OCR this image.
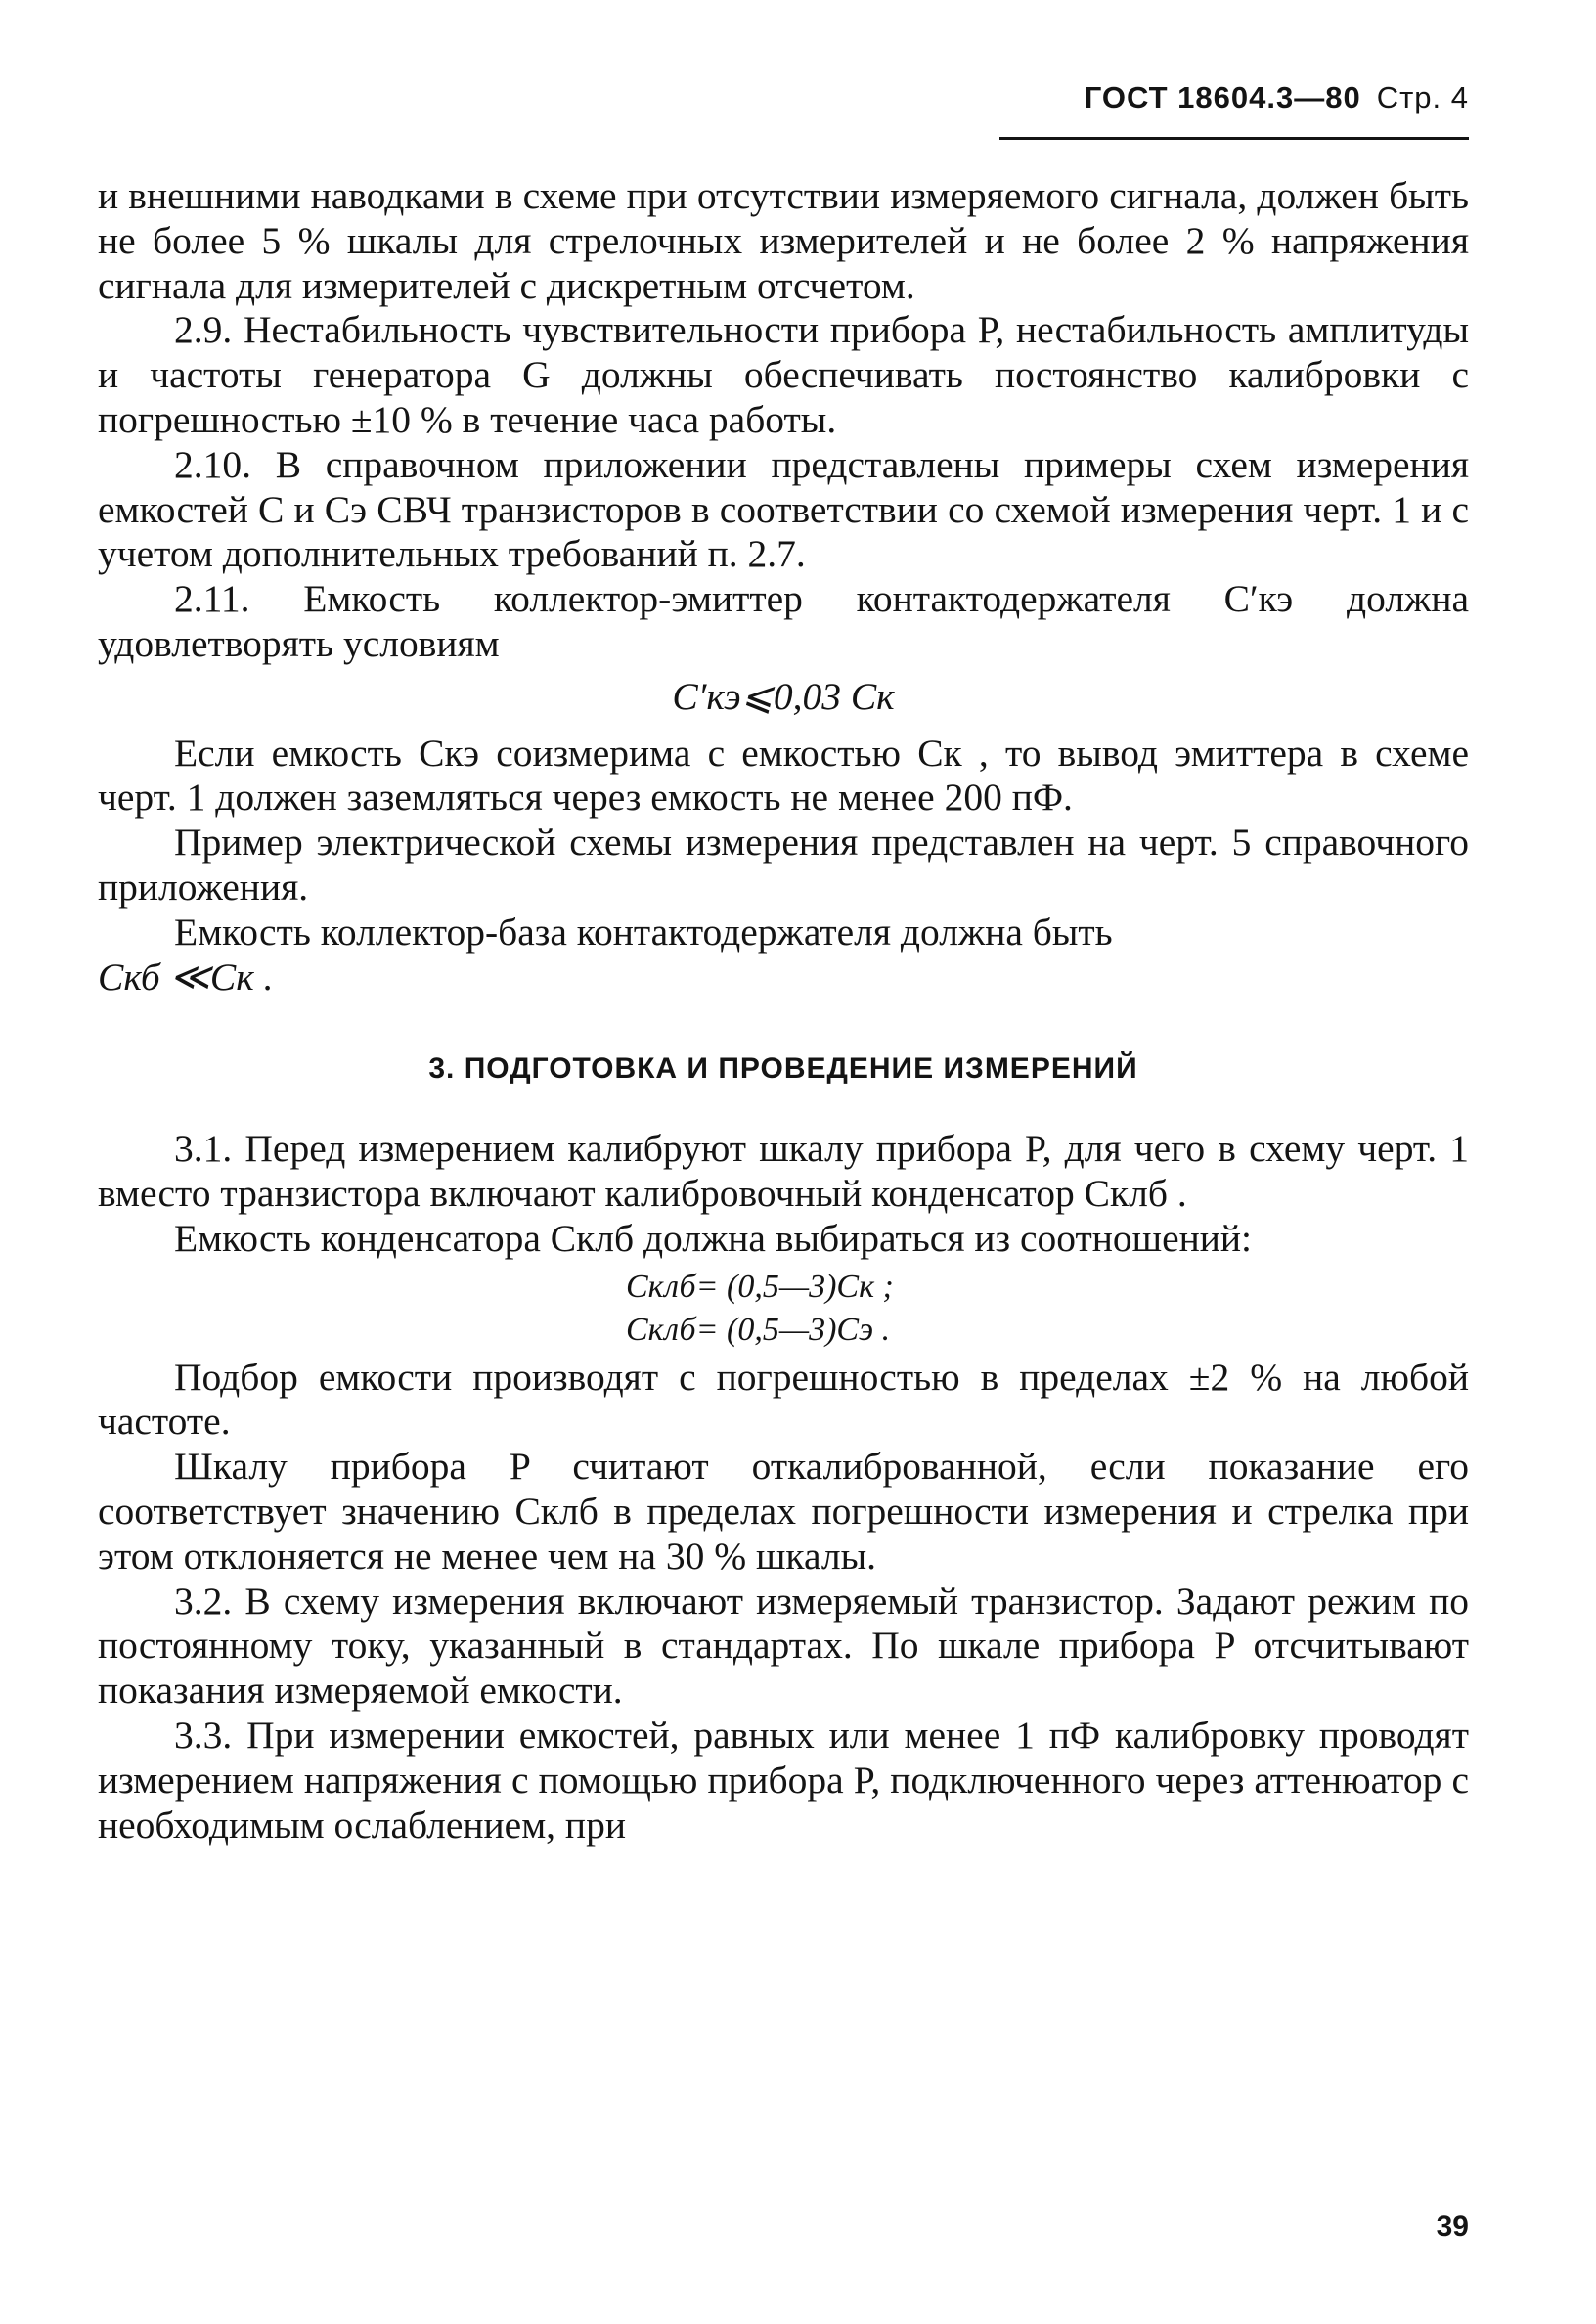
ГОСТ 18604.3—80 Стр. 4

и внешними наводками в схеме при отсутствии измеряемого сигнала, должен быть не более 5 % шкалы для стрелочных измерителей и не более 2 % напряжения сигнала для измерителей с дискретным отсчетом.

2.9. Нестабильность чувствительности прибора P, нестабильность амплитуды и частоты генератора G должны обеспечивать постоянство калибровки с погрешностью ±10 % в течение часа работы.

2.10. В справочном приложении представлены примеры схем измерения емкостей C и Cэ СВЧ транзисторов в соответствии со схемой измерения черт. 1 и с учетом дополнительных требований п. 2.7.

2.11. Емкость коллектор-эмиттер контактодержателя C′кэ должна удовлетворять условиям

C′кэ⩽0,03 Cк

Если емкость Cкэ соизмерима с емкостью Cк , то вывод эмиттера в схеме черт. 1 должен заземляться через емкость не менее 200 пФ.

Пример электрической схемы измерения представлен на черт. 5 справочного приложения.

Емкость коллектор-база контактодержателя должна быть

Cкб ≪Cк .

3. ПОДГОТОВКА И ПРОВЕДЕНИЕ ИЗМЕРЕНИЙ

3.1. Перед измерением калибруют шкалу прибора P, для чего в схему черт. 1 вместо транзистора включают калибровочный конденсатор Cклб .

Емкость конденсатора Cклб должна выбираться из соотношений:

Cклб= (0,5—3)Cк ;

Cклб= (0,5—3)Cэ .

Подбор емкости производят с погрешностью в пределах ±2 % на любой частоте.

Шкалу прибора P считают откалиброванной, если показание его соответствует значению Cклб в пределах погрешности измерения и стрелка при этом отклоняется не менее чем на 30 % шкалы.

3.2. В схему измерения включают измеряемый транзистор. Задают режим по постоянному току, указанный в стандартах. По шкале прибора P отсчитывают показания измеряемой емкости.

3.3. При измерении емкостей, равных или менее 1 пФ калибровку проводят измерением напряжения с помощью прибора P, подключенного через аттенюатор с необходимым ослаблением, при

39
